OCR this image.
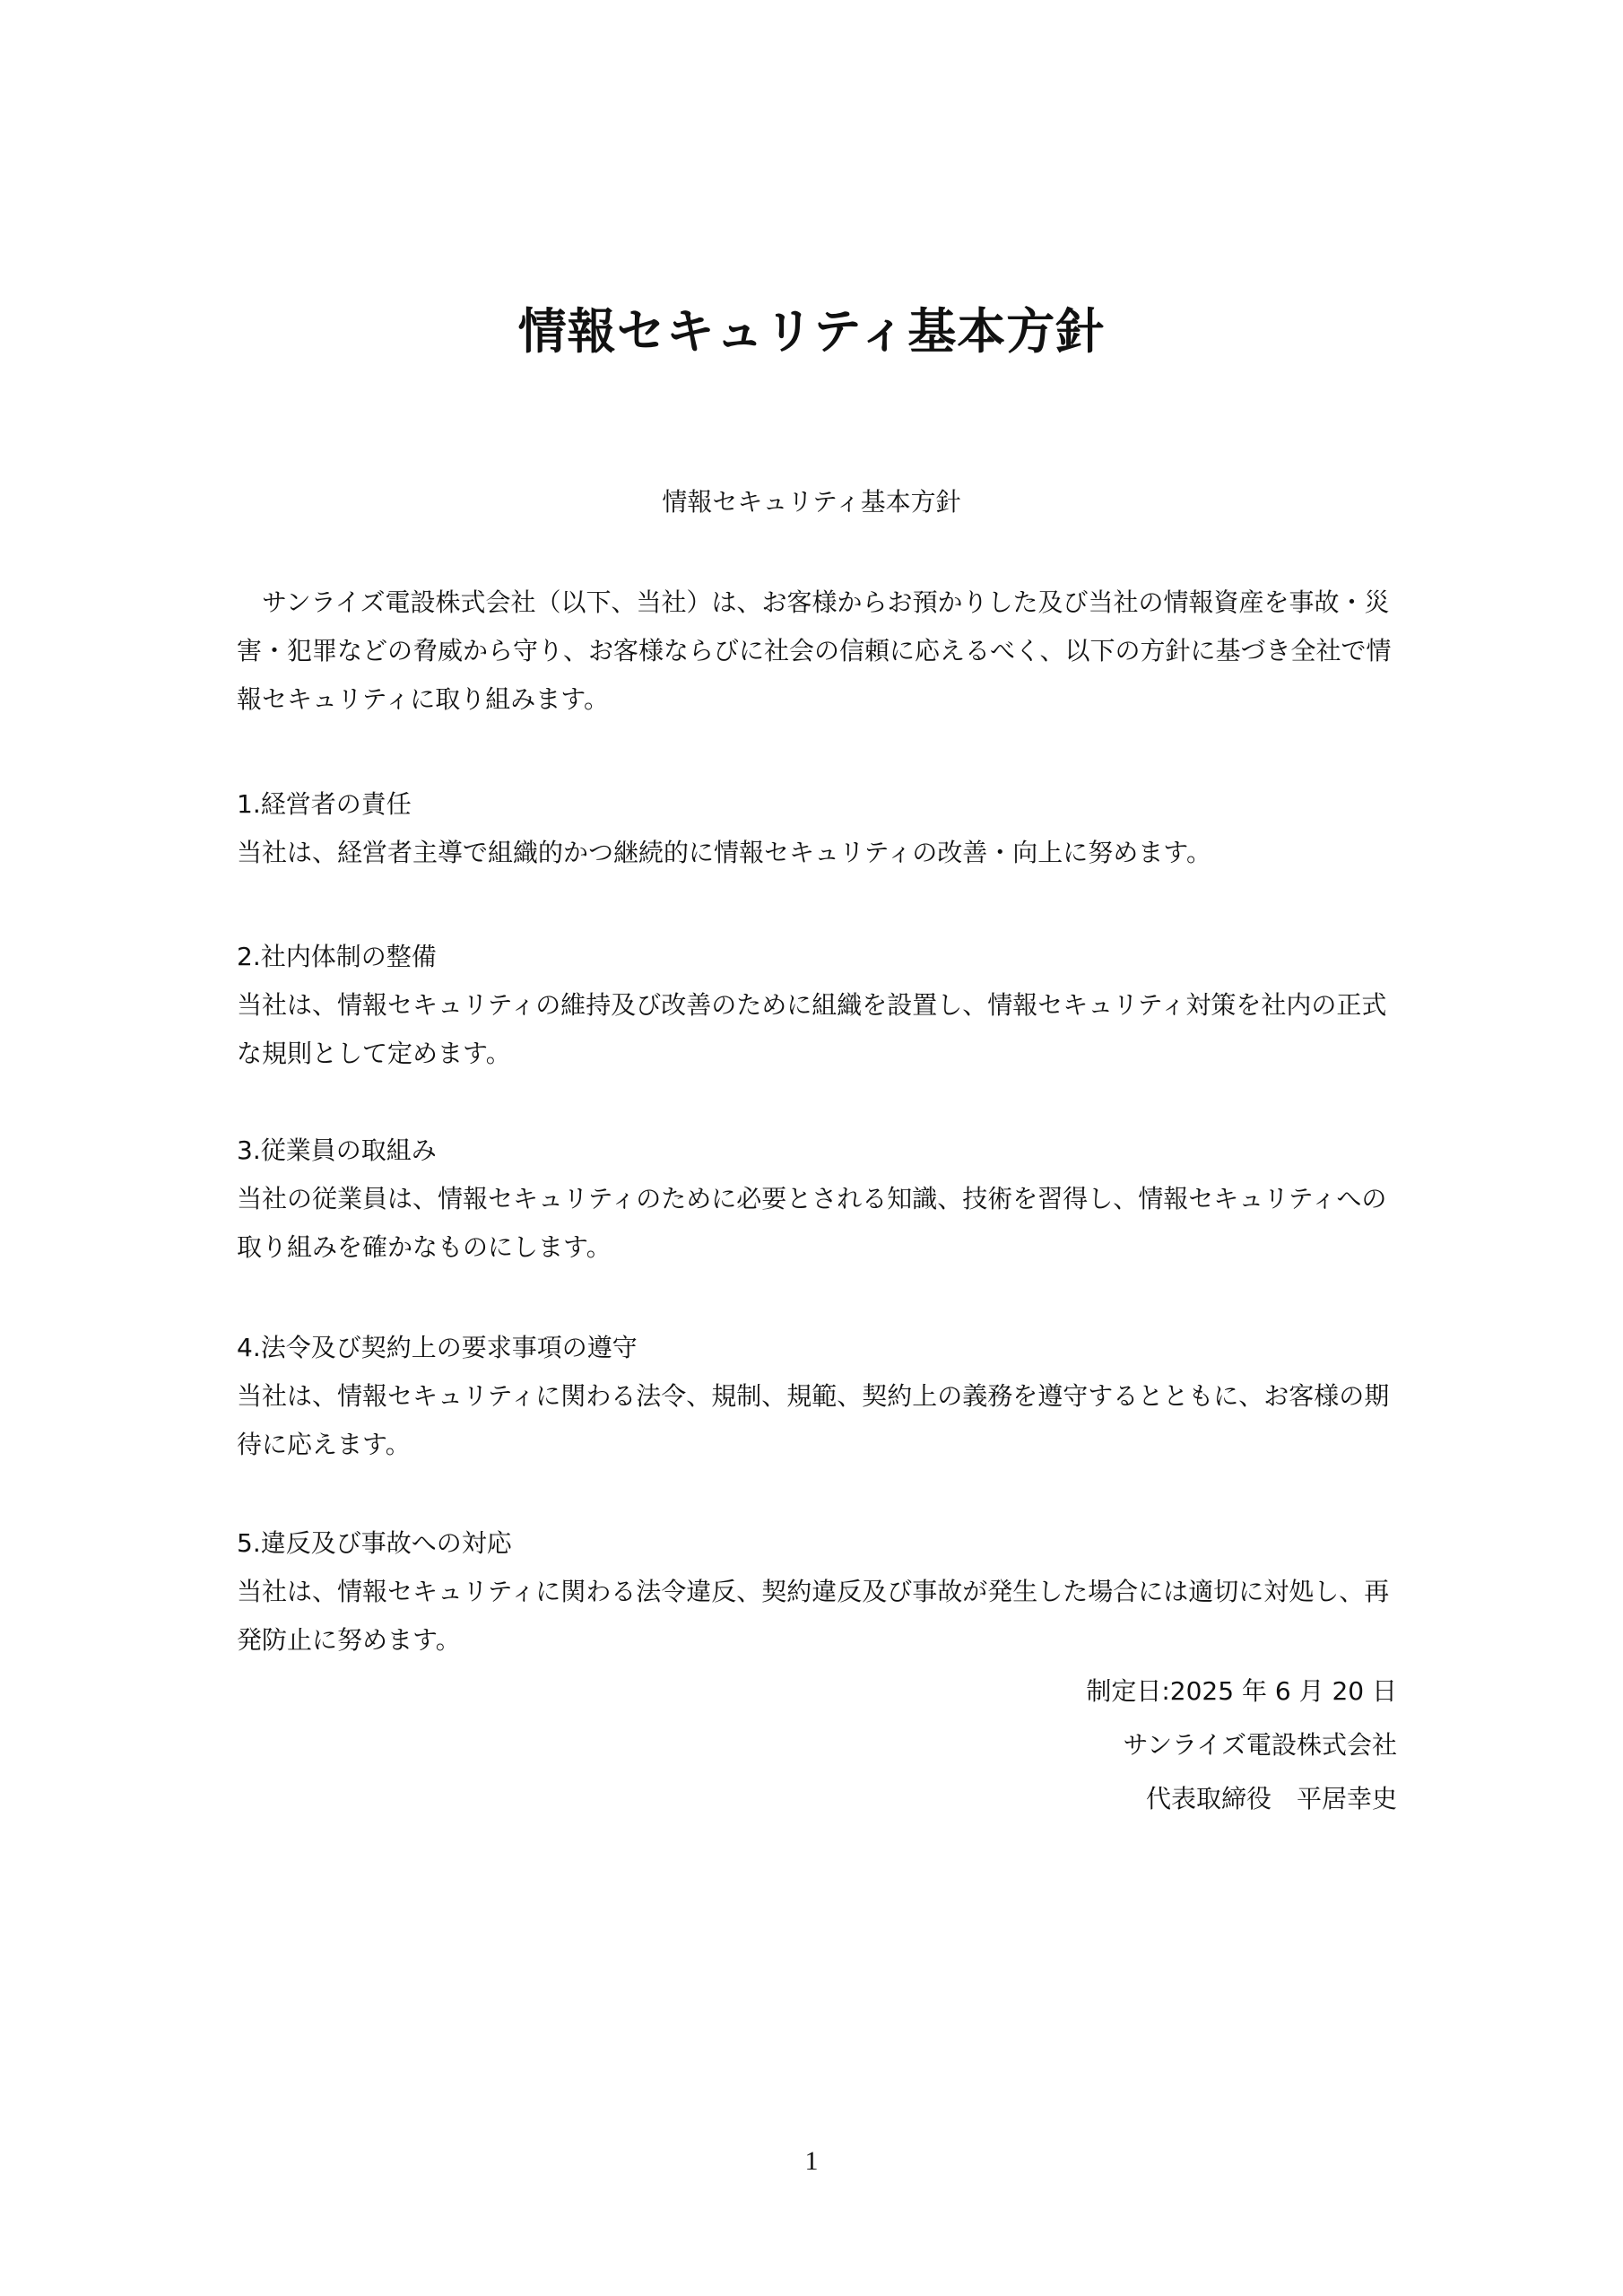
情報セキュリティ基本方針
情報セキュリティ基本方針

サンライズ電設株式会社（以下、当社）は、お客様からお預かりした及び当社の情報資産を事故・災害・犯罪などの脅威から守り、お客様ならびに社会の信頼に応えるべく、以下の方針に基づき全社で情報セキュリティに取り組みます。

1.経営者の責任

当社は、経営者主導で組織的かつ継続的に情報セキュリティの改善・向上に努めます。

2.社内体制の整備

当社は、情報セキュリティの維持及び改善のために組織を設置し、情報セキュリティ対策を社内の正式な規則として定めます。

3.従業員の取組み

当社の従業員は、情報セキュリティのために必要とされる知識、技術を習得し、情報セキュリティへの取り組みを確かなものにします。

4.法令及び契約上の要求事項の遵守

当社は、情報セキュリティに関わる法令、規制、規範、契約上の義務を遵守するとともに、お客様の期待に応えます。

5.違反及び事故への対応

当社は、情報セキュリティに関わる法令違反、契約違反及び事故が発生した場合には適切に対処し、再発防止に努めます。

制定日:2025 年 6 月 20 日
サンライズ電設株式会社
代表取締役　平居幸史
1
